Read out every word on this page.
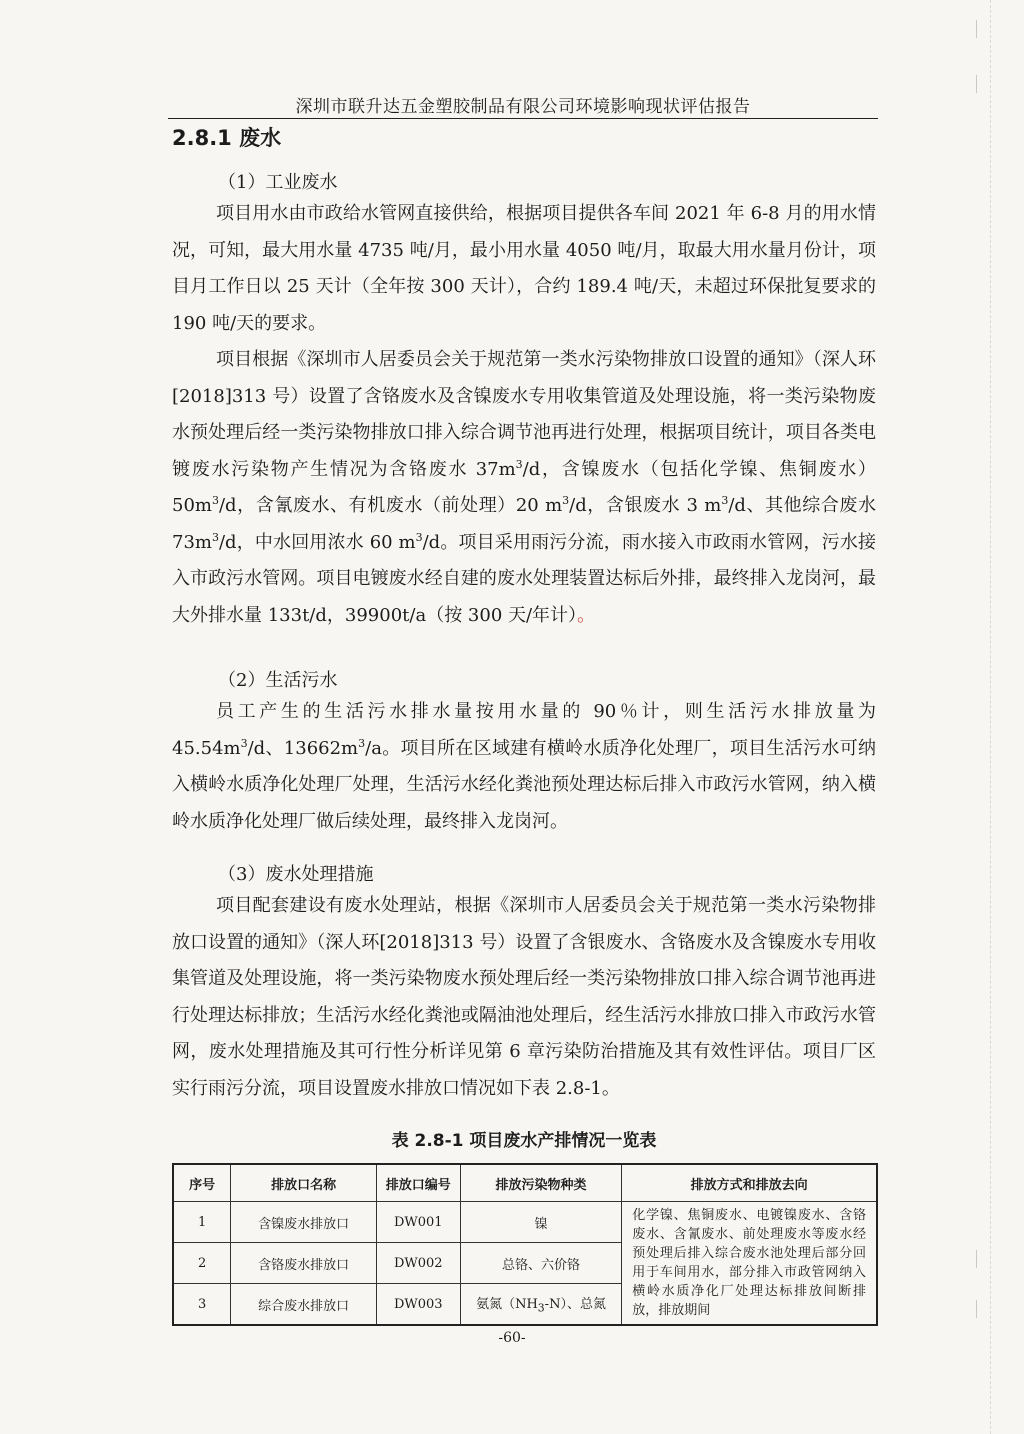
深圳市联升达五金塑胶制品有限公司环境影响现状评估报告
2.8.1 废水
（1）工业废水
项目用水由市政给水管网直接供给，根据项目提供各车间 2021 年 6-8 月的用水情况，可知，最大用水量 4735 吨/月，最小用水量 4050 吨/月，取最大用水量月份计，项目月工作日以 25 天计（全年按 300 天计），合约 189.4 吨/天，未超过环保批复要求的 190 吨/天的要求。
项目根据《深圳市人居委员会关于规范第一类水污染物排放口设置的通知》（深人环[2018]313 号）设置了含铬废水及含镍废水专用收集管道及处理设施，将一类污染物废水预处理后经一类污染物排放口排入综合调节池再进行处理，根据项目统计，项目各类电镀废水污染物产生情况为含铬废水 $37m^3/d$，含镍废水（包括化学镍、焦铜废水）$50m^3/d$，含氰废水、有机废水（前处理）20 $m^3/d$，含银废水 3 $m^3/d$、其他综合废水 $73m^3/d$，中水回用浓水 60 $m^3/d$。项目采用雨污分流，雨水接入市政雨水管网，污水接入市政污水管网。项目电镀废水经自建的废水处理装置达标后外排，最终排入龙岗河，最大外排水量 133t/d，39900t/a（按 300 天/年计）。
（2）生活污水
员工产生的生活污水排水量按用水量的 90％计，则生活污水排放量为 $45.54m^3/d$、$13662m^3/a$。项目所在区域建有横岭水质净化处理厂，项目生活污水可纳入横岭水质净化处理厂处理，生活污水经化粪池预处理达标后排入市政污水管网，纳入横岭水质净化处理厂做后续处理，最终排入龙岗河。
（3）废水处理措施
项目配套建设有废水处理站，根据《深圳市人居委员会关于规范第一类水污染物排放口设置的通知》（深人环[2018]313 号）设置了含银废水、含铬废水及含镍废水专用收集管道及处理设施，将一类污染物废水预处理后经一类污染物排放口排入综合调节池再进行处理达标排放；生活污水经化粪池或隔油池处理后，经生活污水排放口排入市政污水管网，废水处理措施及其可行性分析详见第 6 章污染防治措施及其有效性评估。项目厂区实行雨污分流，项目设置废水排放口情况如下表 2.8-1。
表 2.8-1 项目废水产排情况一览表
序号	排放口名称	排放口编号	排放污染物种类	排放方式和排放去向
1	含镍废水排放口	DW001	镍	化学镍、焦铜废水、电镀镍废水、含铬废水、含氰废水、前处理废水等废水经预处理后排入综合废水池处理后部分回用于车间用水，部分排入市政管网纳入横岭水质净化厂处理达标排放间断排放，排放期间
2	含铬废水排放口	DW002	总铬、六价铬	
3	综合废水排放口	DW003	氨氮$(NH_3-N)$、总氮	
-60-
